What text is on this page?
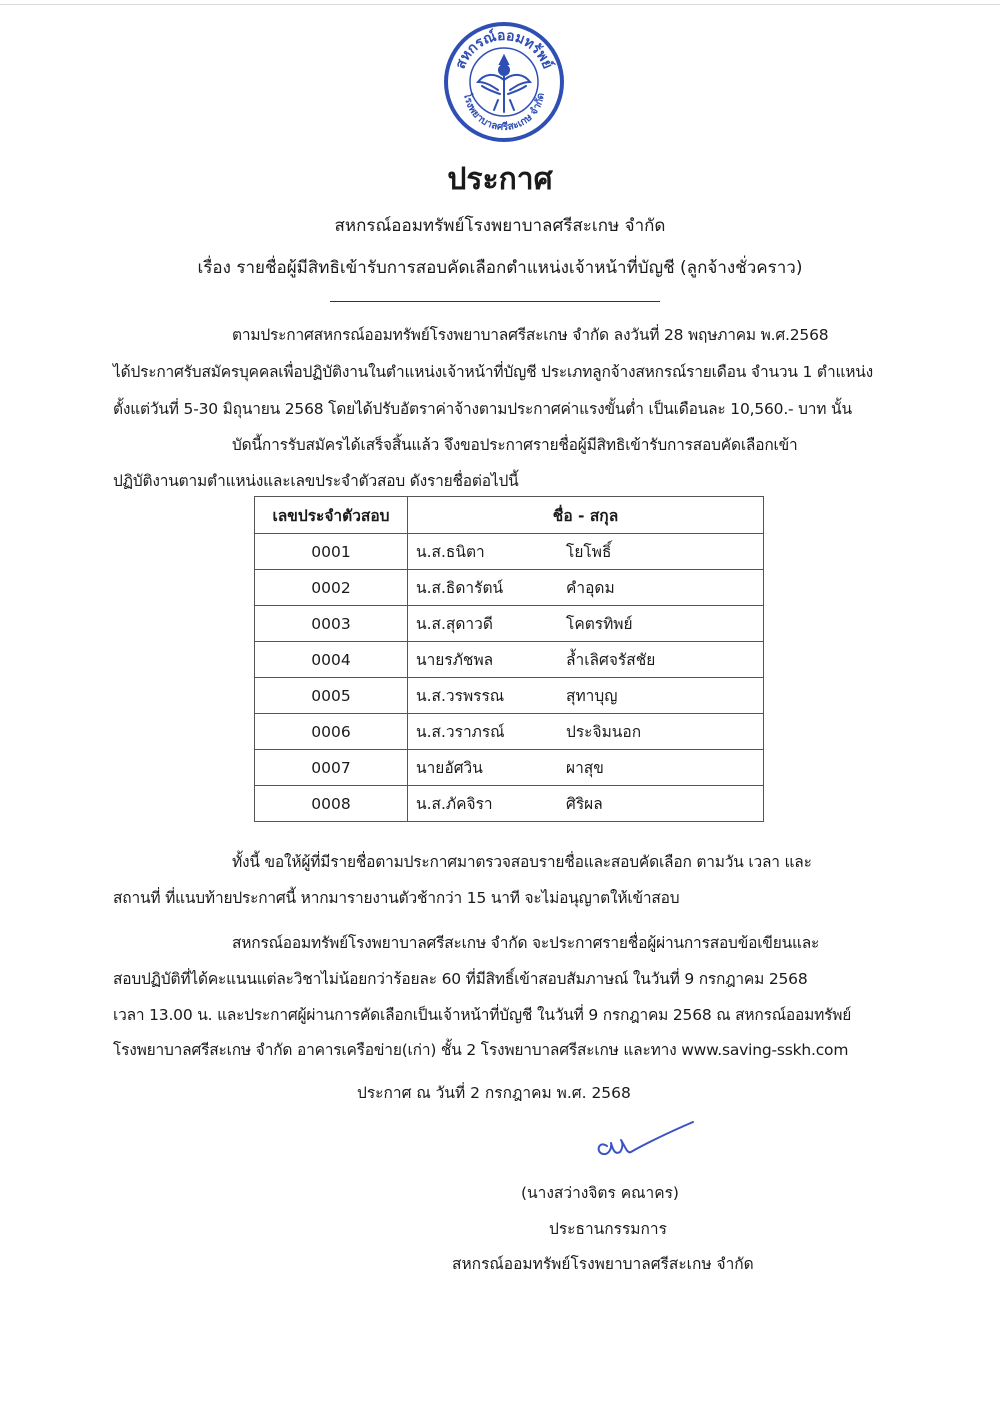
สหกรณ์ออมทรัพย์
โรงพยาบาลศรีสะเกษ จำกัด
ประกาศ
สหกรณ์ออมทรัพย์โรงพยาบาลศรีสะเกษ จำกัด
เรื่อง รายชื่อผู้มีสิทธิเข้ารับการสอบคัดเลือกตำแหน่งเจ้าหน้าที่บัญชี (ลูกจ้างชั่วคราว)
ตามประกาศสหกรณ์ออมทรัพย์โรงพยาบาลศรีสะเกษ จำกัด ลงวันที่ 28 พฤษภาคม พ.ศ.2568
ได้ประกาศรับสมัครบุคคลเพื่อปฏิบัติงานในตำแหน่งเจ้าหน้าที่บัญชี ประเภทลูกจ้างสหกรณ์รายเดือน จำนวน 1 ตำแหน่ง
ตั้งแต่วันที่ 5-30 มิถุนายน 2568 โดยได้ปรับอัตราค่าจ้างตามประกาศค่าแรงขั้นต่ำ เป็นเดือนละ 10,560.- บาท นั้น
บัดนี้การรับสมัครได้เสร็จสิ้นแล้ว จึงขอประกาศรายชื่อผู้มีสิทธิเข้ารับการสอบคัดเลือกเข้า
ปฏิบัติงานตามตำแหน่งและเลขประจำตัวสอบ ดังรายชื่อต่อไปนี้
เลขประจำตัวสอบ	ชื่อ - สกุล	
0001	น.ส.ธนิตา	โยโพธิ์
0002	น.ส.ธิดารัตน์	คำอุดม
0003	น.ส.สุดาวดี	โคตรทิพย์
0004	นายรภัชพล	ล้ำเลิศจรัสชัย
0005	น.ส.วรพรรณ	สุทาบุญ
0006	น.ส.วราภรณ์	ประจิมนอก
0007	นายอัศวิน	ผาสุข
0008	น.ส.ภัคจิรา	ศิริผล
ทั้งนี้ ขอให้ผู้ที่มีรายชื่อตามประกาศมาตรวจสอบรายชื่อและสอบคัดเลือก ตามวัน เวลา และ
สถานที่ ที่แนบท้ายประกาศนี้ หากมารายงานตัวช้ากว่า 15 นาที จะไม่อนุญาตให้เข้าสอบ
สหกรณ์ออมทรัพย์โรงพยาบาลศรีสะเกษ จำกัด จะประกาศรายชื่อผู้ผ่านการสอบข้อเขียนและ
สอบปฏิบัติที่ได้คะแนนแต่ละวิชาไม่น้อยกว่าร้อยละ 60 ที่มีสิทธิ์เข้าสอบสัมภาษณ์ ในวันที่ 9 กรกฎาคม 2568
เวลา 13.00 น. และประกาศผู้ผ่านการคัดเลือกเป็นเจ้าหน้าที่บัญชี ในวันที่ 9 กรกฎาคม 2568 ณ สหกรณ์ออมทรัพย์
โรงพยาบาลศรีสะเกษ จำกัด อาคารเครือข่าย(เก่า) ชั้น 2 โรงพยาบาลศรีสะเกษ และทาง www.saving-sskh.com
ประกาศ ณ วันที่ 2 กรกฎาคม พ.ศ. 2568
(นางสว่างจิตร คณาคร)
ประธานกรรมการ
สหกรณ์ออมทรัพย์โรงพยาบาลศรีสะเกษ จำกัด
